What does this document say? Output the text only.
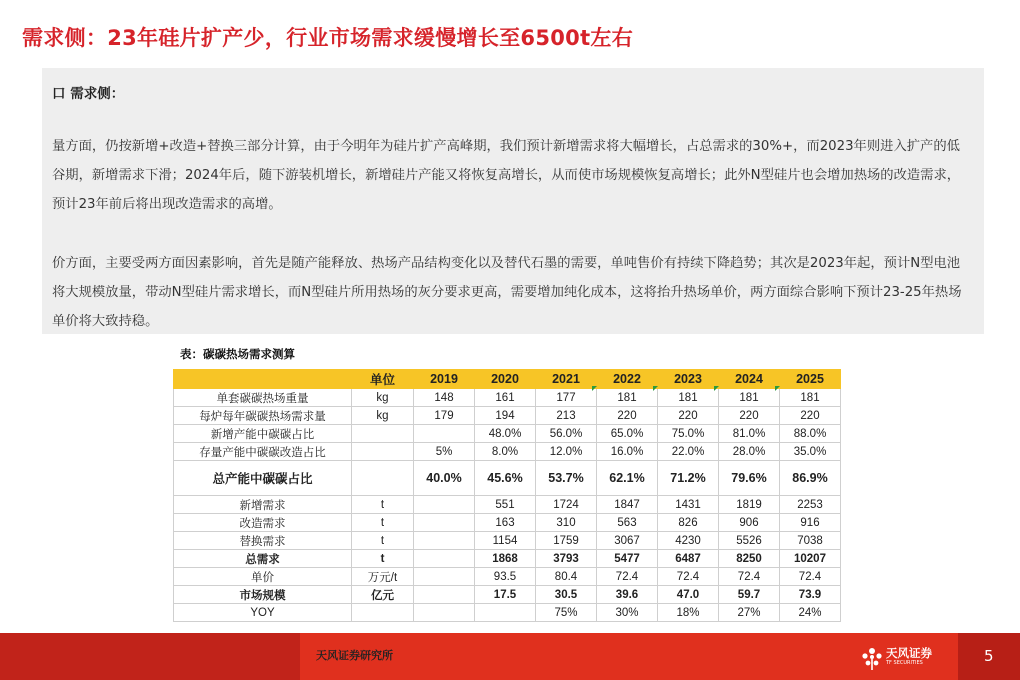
需求侧：23年硅片扩产少，行业市场需求缓慢增长至6500t左右
口 需求侧：
量方面，仍按新增+改造+替换三部分计算，由于今明年为硅片扩产高峰期，我们预计新增需求将大幅增长，占总需求的30%+，而2023年则进入扩产的低谷期，新增需求下滑；2024年后，随下游装机增长，新增硅片产能又将恢复高增长，从而使市场规模恢复高增长；此外N型硅片也会增加热场的改造需求，预计23年前后将出现改造需求的高增。
价方面，主要受两方面因素影响，首先是随产能释放、热场产品结构变化以及替代石墨的需要，单吨售价有持续下降趋势；其次是2023年起，预计N型电池将大规模放量，带动N型硅片需求增长，而N型硅片所用热场的灰分要求更高，需要增加纯化成本，这将抬升热场单价，两方面综合影响下预计23-25年热场单价将大致持稳。
表：碳碳热场需求测算
	单位	2019	2020	2021	2022	2023	2024	2025
单套碳碳热场重量	kg	148	161	177	181	181	181	181
每炉每年碳碳热场需求量	kg	179	194	213	220	220	220	220
新增产能中碳碳占比			48.0%	56.0%	65.0%	75.0%	81.0%	88.0%
存量产能中碳碳改造占比		5%	8.0%	12.0%	16.0%	22.0%	28.0%	35.0%
总产能中碳碳占比		40.0%	45.6%	53.7%	62.1%	71.2%	79.6%	86.9%
新增需求	t		551	1724	1847	1431	1819	2253
改造需求	t		163	310	563	826	906	916
替换需求	t		1154	1759	3067	4230	5526	7038
总需求	t		1868	3793	5477	6487	8250	10207
单价	万元/t		93.5	80.4	72.4	72.4	72.4	72.4
市场规模	亿元		17.5	30.5	39.6	47.0	59.7	73.9
YOY				75%	30%	18%	27%	24%
天风证券研究所	天风证券
TF SECURITIES	5
